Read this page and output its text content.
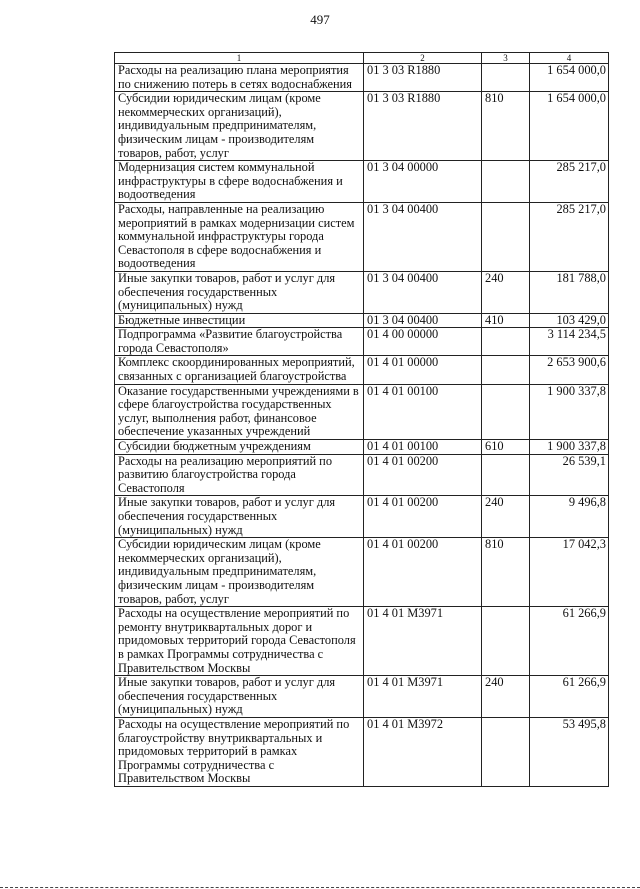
497
1	2	3	4
Расходы на реализацию плана мероприятия по снижению потерь в сетях водоснабжения	01 3 03 R1880		1 654 000,0
Субсидии юридическим лицам (кроме некоммерческих организаций), индивидуальным предпринимателям, физическим лицам - производителям товаров, работ, услуг	01 3 03 R1880	810	1 654 000,0
Модернизация систем коммунальной инфраструктуры в сфере водоснабжения и водоотведения	01 3 04 00000		285 217,0
Расходы, направленные на реализацию мероприятий в рамках модернизации систем коммунальной инфраструктуры города Севастополя в сфере водоснабжения и водоотведения	01 3 04 00400		285 217,0
Иные закупки товаров, работ и услуг для обеспечения государственных (муниципальных) нужд	01 3 04 00400	240	181 788,0
Бюджетные инвестиции	01 3 04 00400	410	103 429,0
Подпрограмма «Развитие благоустройства города Севастополя»	01 4 00 00000		3 114 234,5
Комплекс скоординированных мероприятий, связанных с организацией благоустройства	01 4 01 00000		2 653 900,6
Оказание государственными учреждениями в сфере благоустройства государственных услуг, выполнения работ, финансовое обеспечение указанных учреждений	01 4 01 00100		1 900 337,8
Субсидии бюджетным учреждениям	01 4 01 00100	610	1 900 337,8
Расходы на реализацию мероприятий по развитию благоустройства города Севастополя	01 4 01 00200		26 539,1
Иные закупки товаров, работ и услуг для обеспечения государственных (муниципальных) нужд	01 4 01 00200	240	9 496,8
Субсидии юридическим лицам (кроме некоммерческих организаций), индивидуальным предпринимателям, физическим лицам - производителям товаров, работ, услуг	01 4 01 00200	810	17 042,3
Расходы на осуществление мероприятий по ремонту внутриквартальных дорог и придомовых территорий города Севастополя в рамках Программы сотрудничества с Правительством Москвы	01 4 01 M3971		61 266,9
Иные закупки товаров, работ и услуг для обеспечения государственных (муниципальных) нужд	01 4 01 M3971	240	61 266,9
Расходы на осуществление мероприятий по благоустройству внутриквартальных и придомовых территорий в рамках Программы сотрудничества с Правительством Москвы	01 4 01 M3972		53 495,8
